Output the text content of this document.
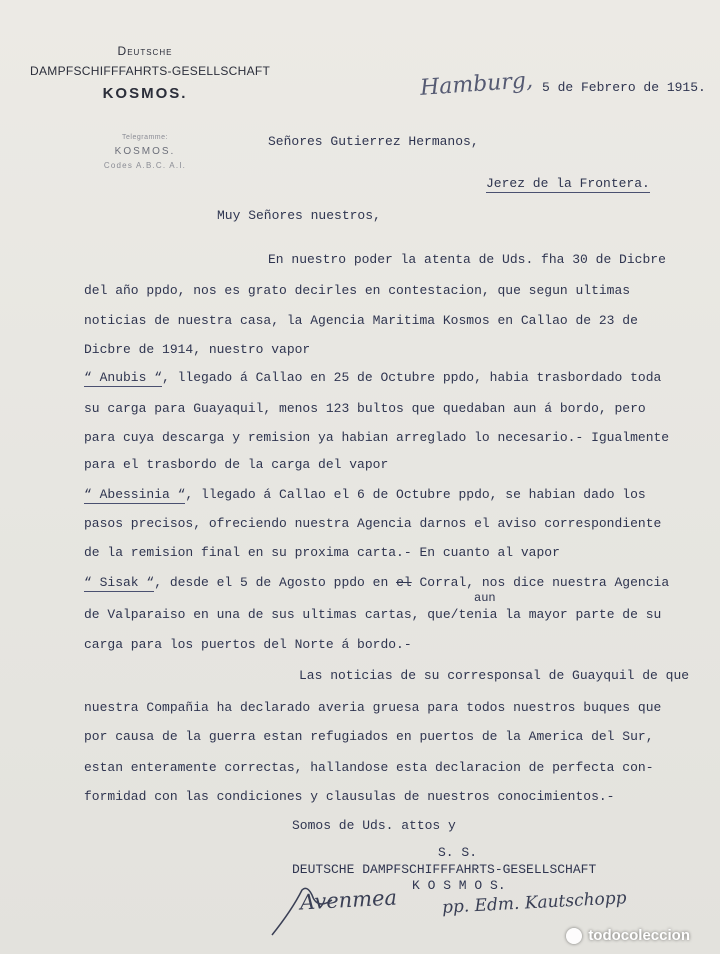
Deutsche
DAMPFSCHIFFFAHRTS-GESELLSCHAFT
KOSMOS.
Telegramme:
KOSMOS.
Codes A.B.C. A.I.
Hamburg, 5 de Febrero de 1915.
Señores Gutierrez Hermanos,
Jerez de la Frontera.
Muy Señores nuestros,
En nuestro poder la atenta de Uds. fha 30 de Dicbre
del año ppdo, nos es grato decirles en contestacion, que segun ultimas
noticias de nuestra casa, la Agencia Maritima Kosmos en Callao de 23 de
Dicbre de 1914, nuestro vapor
“ Anubis “, llegado á Callao en 25 de Octubre ppdo, habia trasbordado toda
su carga para Guayaquil, menos 123 bultos que quedaban aun á bordo, pero
para cuya descarga y remision ya habian arreglado lo necesario.- Igualmente
para el trasbordo de la carga del vapor
“ Abessinia “, llegado á Callao el 6 de Octubre ppdo, se habian dado los
pasos precisos, ofreciendo nuestra Agencia darnos el aviso correspondiente
de la remision final en su proxima carta.- En cuanto al vapor
“ Sisak “, desde el 5 de Agosto ppdo en el Corral, nos dice nuestra Agencia
aun
de Valparaiso en una de sus ultimas cartas, que/tenia la mayor parte de su
carga para los puertos del Norte á bordo.-
Las noticias de su corresponsal de Guayquil de que
nuestra Compañia ha declarado averia gruesa para todos nuestros buques que
por causa de la guerra estan refugiados en puertos de la America del Sur,
estan enteramente correctas, hallandose esta declaracion de perfecta con-
formidad con las condiciones y clausulas de nuestros conocimientos.-
Somos de Uds. attos y
S. S.
DEUTSCHE DAMPFSCHIFFFAHRTS-GESELLSCHAFT
K O S M O S.
Avenmea	pp. Edm. Kautschopp
todocoleccion
